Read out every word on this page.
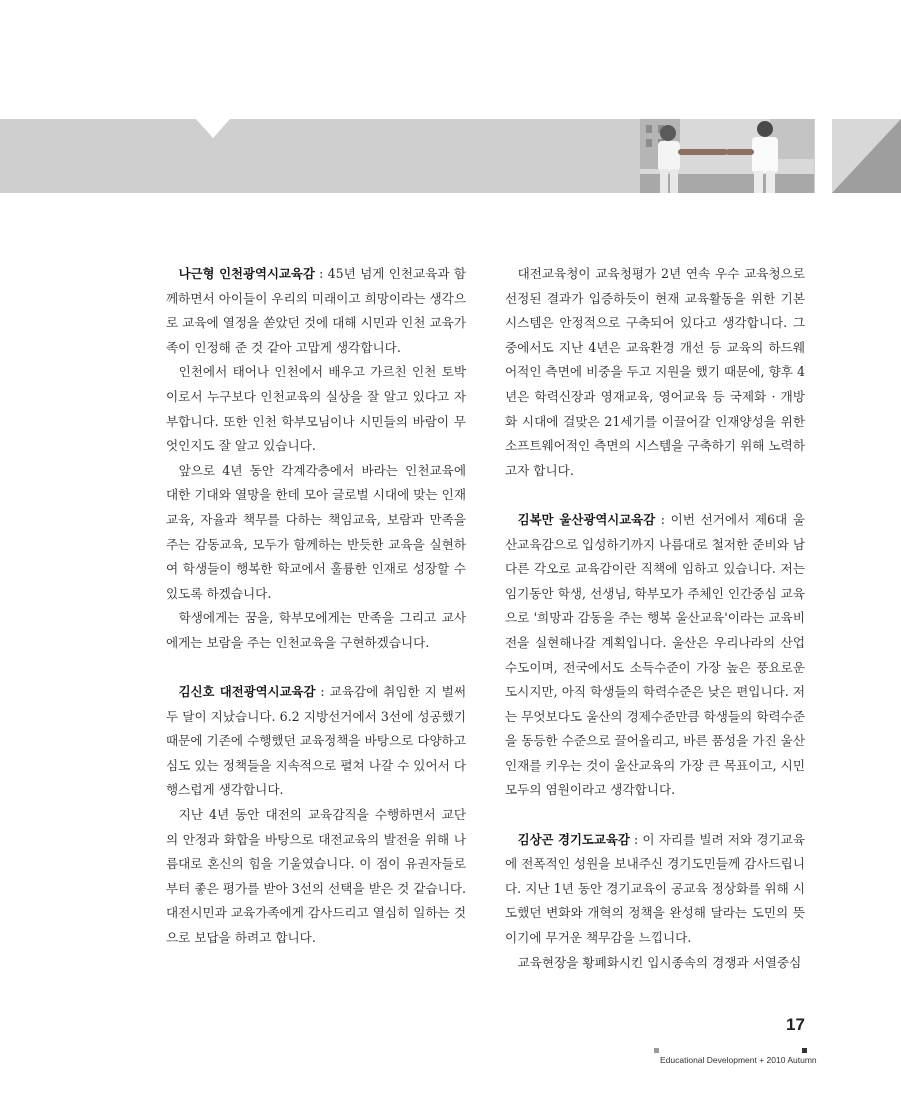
나근형 인천광역시교육감 : 45년 넘게 인천교육과 함께하면서 아이들이 우리의 미래이고 희망이라는 생각으로 교육에 열정을 쏟았던 것에 대해 시민과 인천 교육가족이 인정해 준 것 같아 고맙게 생각합니다.

인천에서 태어나 인천에서 배우고 가르친 인천 토박이로서 누구보다 인천교육의 실상을 잘 알고 있다고 자부합니다. 또한 인천 학부모님이나 시민들의 바람이 무엇인지도 잘 알고 있습니다.

앞으로 4년 동안 각계각층에서 바라는 인천교육에 대한 기대와 열망을 한데 모아 글로벌 시대에 맞는 인재교육, 자율과 책무를 다하는 책임교육, 보람과 만족을 주는 감동교육, 모두가 함께하는 반듯한 교육을 실현하여 학생들이 행복한 학교에서 훌륭한 인재로 성장할 수 있도록 하겠습니다.

학생에게는 꿈을, 학부모에게는 만족을 그리고 교사에게는 보람을 주는 인천교육을 구현하겠습니다.

김신호 대전광역시교육감 : 교육감에 취임한 지 벌써 두 달이 지났습니다. 6.2 지방선거에서 3선에 성공했기 때문에 기존에 수행했던 교육정책을 바탕으로 다양하고 심도 있는 정책들을 지속적으로 펼쳐 나갈 수 있어서 다행스럽게 생각합니다.

지난 4년 동안 대전의 교육감직을 수행하면서 교단의 안정과 화합을 바탕으로 대전교육의 발전을 위해 나름대로 혼신의 힘을 기울였습니다. 이 점이 유권자들로부터 좋은 평가를 받아 3선의 선택을 받은 것 같습니다. 대전시민과 교육가족에게 감사드리고 열심히 일하는 것으로 보답을 하려고 합니다.

대전교육청이 교육청평가 2년 연속 우수 교육청으로 선정된 결과가 입증하듯이 현재 교육활동을 위한 기본 시스템은 안정적으로 구축되어 있다고 생각합니다. 그 중에서도 지난 4년은 교육환경 개선 등 교육의 하드웨어적인 측면에 비중을 두고 지원을 했기 때문에, 향후 4년은 학력신장과 영재교육, 영어교육 등 국제화 · 개방화 시대에 걸맞은 21세기를 이끌어갈 인재양성을 위한 소프트웨어적인 측면의 시스템을 구축하기 위해 노력하고자 합니다.

김복만 울산광역시교육감 : 이번 선거에서 제6대 울산교육감으로 입성하기까지 나름대로 철저한 준비와 남다른 각오로 교육감이란 직책에 임하고 있습니다. 저는 임기동안 학생, 선생님, 학부모가 주체인 인간중심 교육으로 '희망과 감동을 주는 행복 울산교육'이라는 교육비전을 실현해나갈 계획입니다. 울산은 우리나라의 산업수도이며, 전국에서도 소득수준이 가장 높은 풍요로운 도시지만, 아직 학생들의 학력수준은 낮은 편입니다. 저는 무엇보다도 울산의 경제수준만큼 학생들의 학력수준을 동등한 수준으로 끌어올리고, 바른 품성을 가진 울산인재를 키우는 것이 울산교육의 가장 큰 목표이고, 시민 모두의 염원이라고 생각합니다.

김상곤 경기도교육감 : 이 자리를 빌려 저와 경기교육에 전폭적인 성원을 보내주신 경기도민들께 감사드립니다. 지난 1년 동안 경기교육이 공교육 정상화를 위해 시도했던 변화와 개혁의 정책을 완성해 달라는 도민의 뜻이기에 무거운 책무감을 느낍니다.

교육현장을 황폐화시킨 입시종속의 경쟁과 서열중심

17
Educational Development + 2010 Autumn
